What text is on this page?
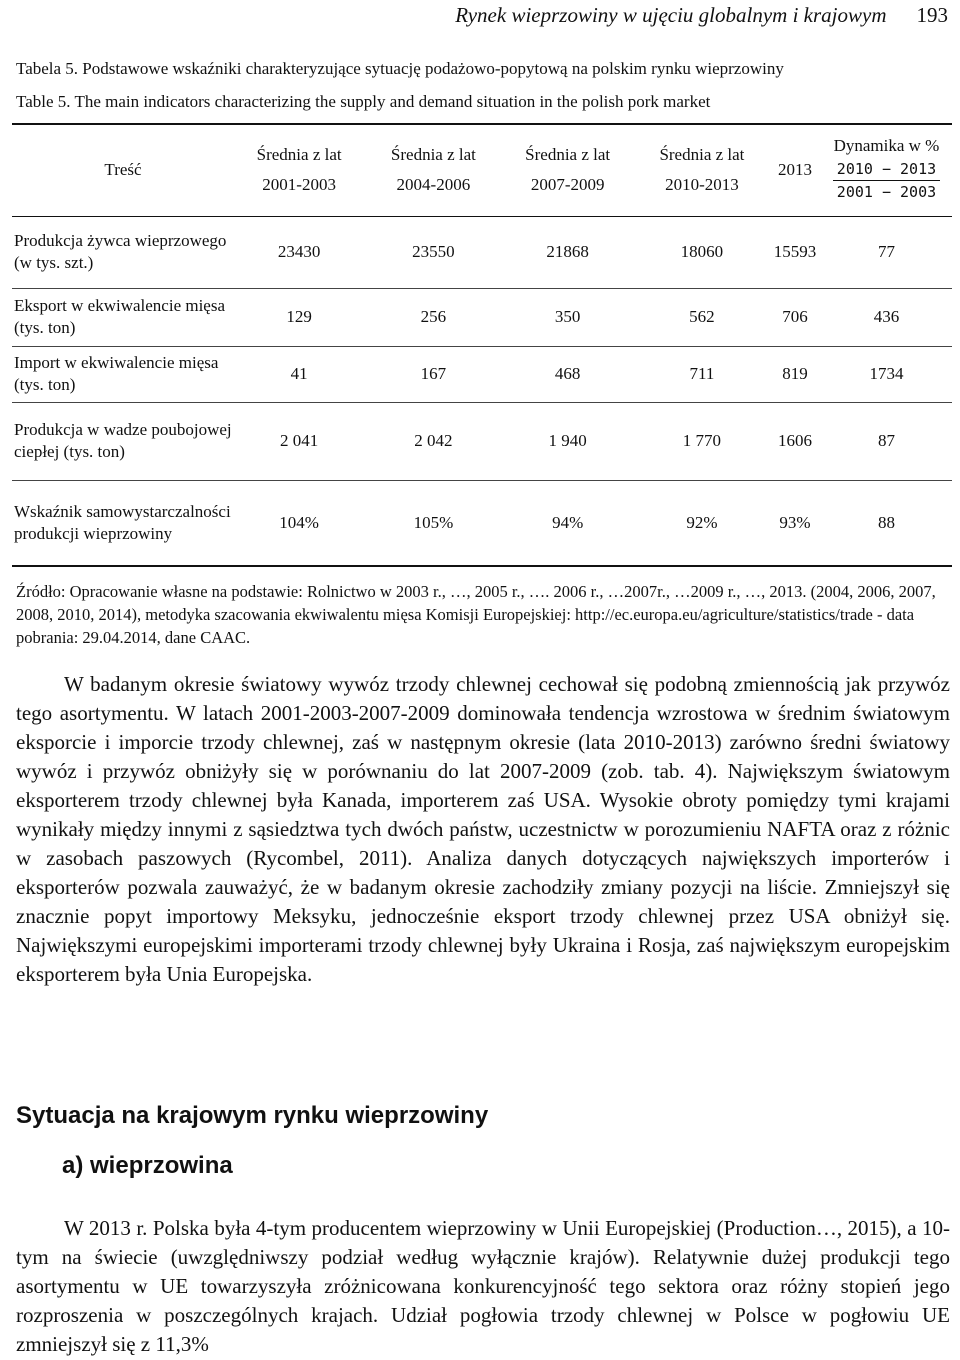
Rynek wieprzowiny w ujęciu globalnym i krajowym 193
Tabela 5. Podstawowe wskaźniki charakteryzujące sytuację podażowo-popytową na polskim rynku wieprzowiny
Table 5. The main indicators characterizing the supply and demand situation in the polish pork market
Treść	Średnia z lat 2001-2003	Średnia z lat 2004-2006	Średnia z lat 2007-2009	Średnia z lat 2010-2013	2013	Dynamika w %
$\frac{2010 - 2013}{2001 - 2003}$

Produkcja żywca wieprzowego (w tys. szt.)	23430	23550	21868	18060	15593	77
Eksport w ekwiwalencie mięsa (tys. ton)	129	256	350	562	706	436
Import w ekwiwalencie mięsa (tys. ton)	41	167	468	711	819	1734
Produkcja w wadze poubojowej ciepłej (tys. ton)	2 041	2 042	1 940	1 770	1606	87
Wskaźnik samowystarczalności produkcji wieprzowiny	104%	105%	94%	92%	93%	88
Źródło: Opracowanie własne na podstawie: Rolnictwo w 2003 r., …, 2005 r., …. 2006 r., …2007r., …2009 r., …, 2013. (2004, 2006, 2007, 2008, 2010, 2014), metodyka szacowania ekwiwalentu mięsa Komisji Europejskiej: http://ec.europa.eu/agriculture/statistics/trade - data pobrania: 29.04.2014, dane CAAC.
W badanym okresie światowy wywóz trzody chlewnej cechował się podobną zmiennością jak przywóz tego asortymentu. W latach 2001-2003-2007-2009 dominowała tendencja wzrostowa w średnim światowym eksporcie i imporcie trzody chlewnej, zaś w następnym okresie (lata 2010-2013) zarówno średni światowy wywóz i przywóz obniżyły się w porównaniu do lat 2007-2009 (zob. tab. 4). Największym światowym eksporterem trzody chlewnej była Kanada, importerem zaś USA. Wysokie obroty pomiędzy tymi krajami wynikały między innymi z sąsiedztwa tych dwóch państw, uczestnictw w porozumieniu NAFTA oraz z różnic w zasobach paszowych (Rycombel, 2011). Analiza danych dotyczących największych importerów i eksporterów pozwala zauważyć, że w badanym okresie zachodziły zmiany pozycji na liście. Zmniejszył się znacznie popyt importowy Meksyku, jednocześnie eksport trzody chlewnej przez USA obniżył się. Największymi europejskimi importerami trzody chlewnej były Ukraina i Rosja, zaś największym europejskim eksporterem była Unia Europejska.
Sytuacja na krajowym rynku wieprzowiny
a) wieprzowina
W 2013 r. Polska była 4-tym producentem wieprzowiny w Unii Europejskiej (Production…, 2015), a 10-tym na świecie (uwzględniwszy podział według wyłącznie krajów). Relatywnie dużej produkcji tego asortymentu w UE towarzyszyła zróżnicowana konkurencyjność tego sektora oraz różny stopień jego rozproszenia w poszczególnych krajach. Udział pogłowia trzody chlewnej w Polsce w pogłowiu UE zmniejszył się z 11,3%
